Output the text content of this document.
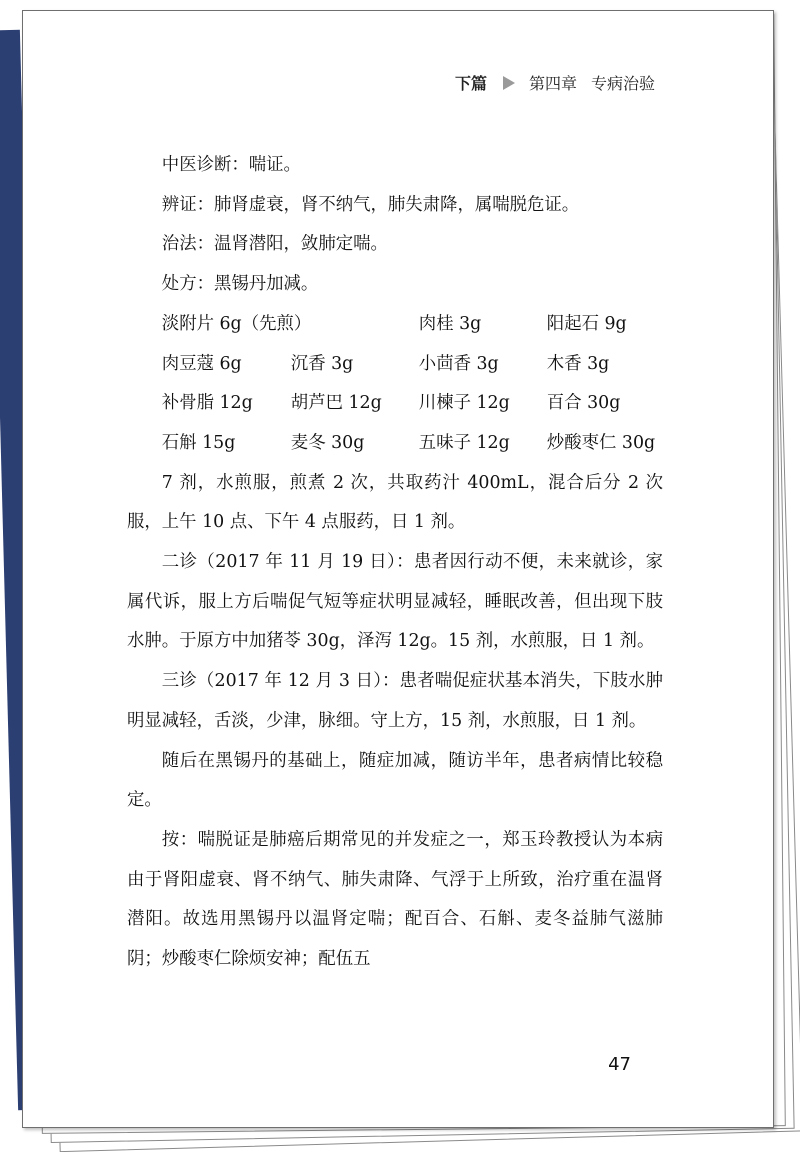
下篇	第四章 专病治验

中医诊断：喘证。

辨证：肺肾虚衰，肾不纳气，肺失肃降，属喘脱危证。

治法：温肾潜阳，敛肺定喘。

处方：黑锡丹加减。

淡附片 6g（先煎）	肉桂 3g	阳起石 9g
肉豆蔻 6g	沉香 3g	小茴香 3g	木香 3g
补骨脂 12g	胡芦巴 12g	川楝子 12g	百合 30g
石斛 15g	麦冬 30g	五味子 12g	炒酸枣仁 30g

7 剂，水煎服，煎煮 2 次，共取药汁 400mL，混合后分 2 次服，上午 10 点、下午 4 点服药，日 1 剂。

二诊（2017 年 11 月 19 日）：患者因行动不便，未来就诊，家属代诉，服上方后喘促气短等症状明显减轻，睡眠改善，但出现下肢水肿。于原方中加猪苓 30g，泽泻 12g。15 剂，水煎服，日 1 剂。

三诊（2017 年 12 月 3 日）：患者喘促症状基本消失，下肢水肿明显减轻，舌淡，少津，脉细。守上方，15 剂，水煎服，日 1 剂。

随后在黑锡丹的基础上，随症加减，随访半年，患者病情比较稳定。

按：喘脱证是肺癌后期常见的并发症之一，郑玉玲教授认为本病由于肾阳虚衰、肾不纳气、肺失肃降、气浮于上所致，治疗重在温肾潜阳。故选用黑锡丹以温肾定喘；配百合、石斛、麦冬益肺气滋肺阴；炒酸枣仁除烦安神；配伍五

47
